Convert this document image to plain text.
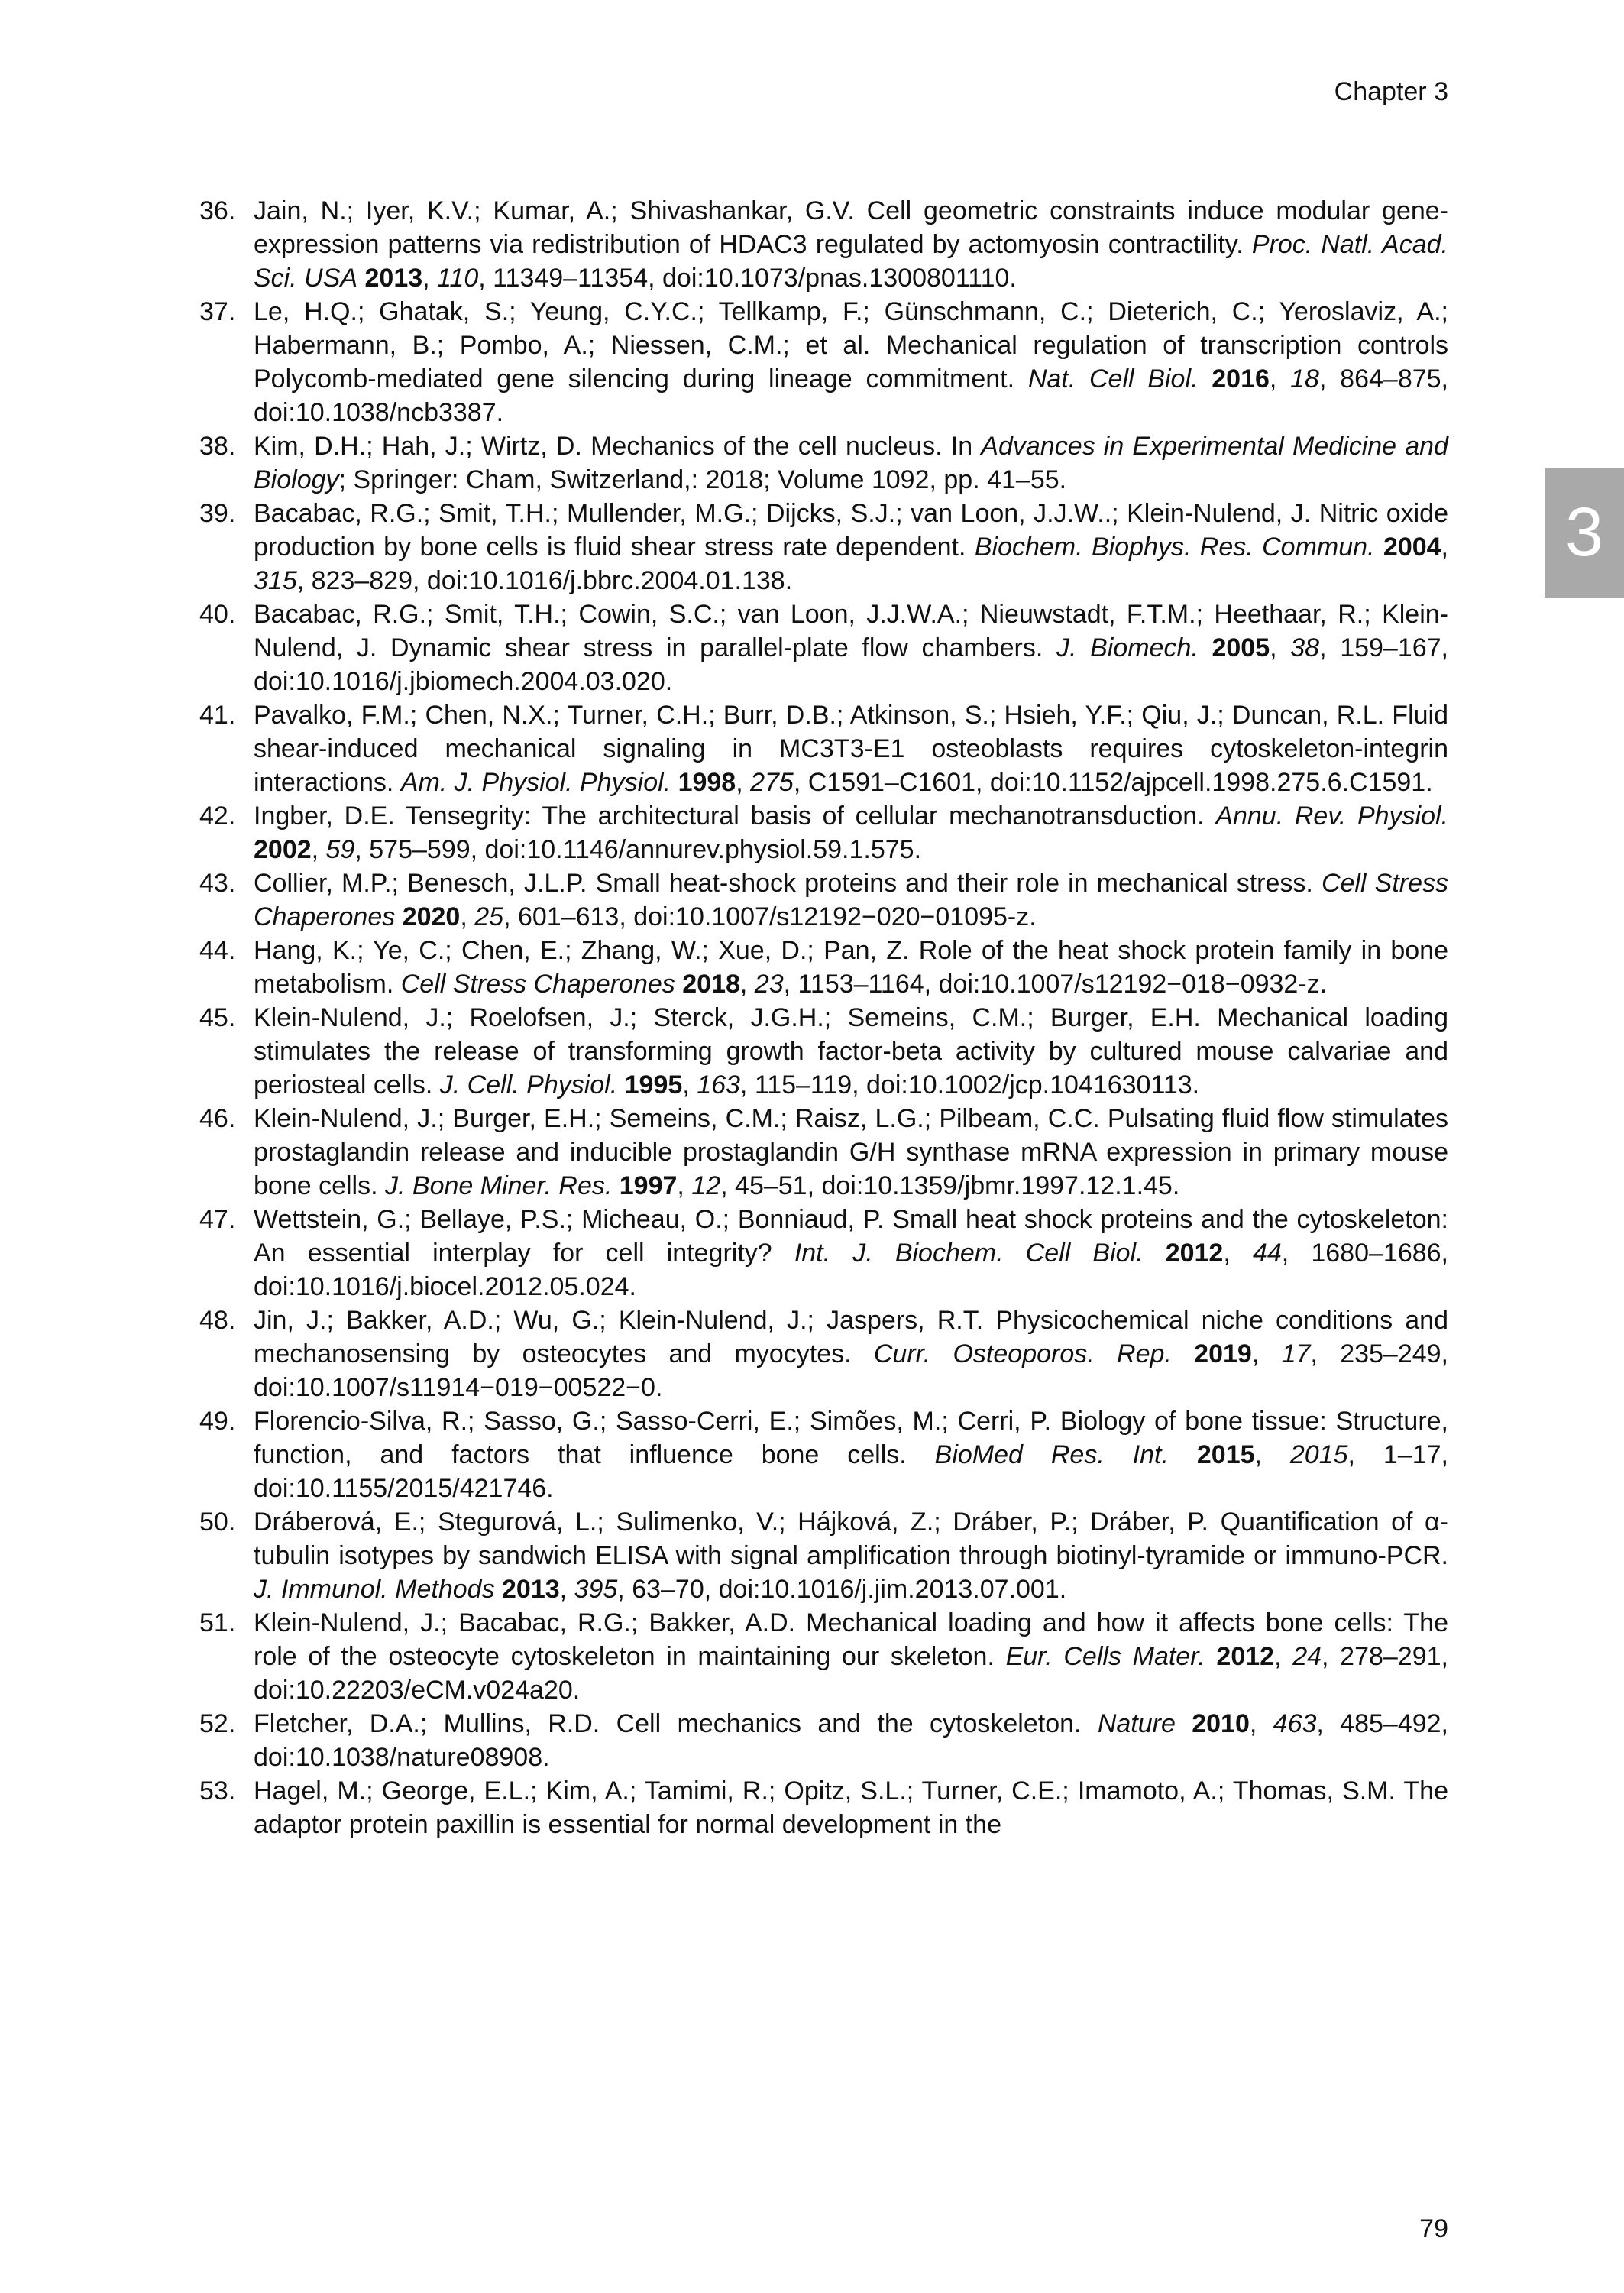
Chapter 3
3
36. Jain, N.; Iyer, K.V.; Kumar, A.; Shivashankar, G.V. Cell geometric constraints induce modular gene-expression patterns via redistribution of HDAC3 regulated by actomyosin contractility. Proc. Natl. Acad. Sci. USA 2013, 110, 11349–11354, doi:10.1073/pnas.1300801110.
37. Le, H.Q.; Ghatak, S.; Yeung, C.Y.C.; Tellkamp, F.; Günschmann, C.; Dieterich, C.; Yeroslaviz, A.; Habermann, B.; Pombo, A.; Niessen, C.M.; et al. Mechanical regulation of transcription controls Polycomb-mediated gene silencing during lineage commitment. Nat. Cell Biol. 2016, 18, 864–875, doi:10.1038/ncb3387.
38. Kim, D.H.; Hah, J.; Wirtz, D. Mechanics of the cell nucleus. In Advances in Experimental Medicine and Biology; Springer: Cham, Switzerland,: 2018; Volume 1092, pp. 41–55.
39. Bacabac, R.G.; Smit, T.H.; Mullender, M.G.; Dijcks, S.J.; van Loon, J.J.W..; Klein-Nulend, J. Nitric oxide production by bone cells is fluid shear stress rate dependent. Biochem. Biophys. Res. Commun. 2004, 315, 823–829, doi:10.1016/j.bbrc.2004.01.138.
40. Bacabac, R.G.; Smit, T.H.; Cowin, S.C.; van Loon, J.J.W.A.; Nieuwstadt, F.T.M.; Heethaar, R.; Klein-Nulend, J. Dynamic shear stress in parallel-plate flow chambers. J. Biomech. 2005, 38, 159–167, doi:10.1016/j.jbiomech.2004.03.020.
41. Pavalko, F.M.; Chen, N.X.; Turner, C.H.; Burr, D.B.; Atkinson, S.; Hsieh, Y.F.; Qiu, J.; Duncan, R.L. Fluid shear-induced mechanical signaling in MC3T3-E1 osteoblasts requires cytoskeleton-integrin interactions. Am. J. Physiol. Physiol. 1998, 275, C1591–C1601, doi:10.1152/ajpcell.1998.275.6.C1591.
42. Ingber, D.E. Tensegrity: The architectural basis of cellular mechanotransduction. Annu. Rev. Physiol. 2002, 59, 575–599, doi:10.1146/annurev.physiol.59.1.575.
43. Collier, M.P.; Benesch, J.L.P. Small heat-shock proteins and their role in mechanical stress. Cell Stress Chaperones 2020, 25, 601–613, doi:10.1007/s12192−020−01095-z.
44. Hang, K.; Ye, C.; Chen, E.; Zhang, W.; Xue, D.; Pan, Z. Role of the heat shock protein family in bone metabolism. Cell Stress Chaperones 2018, 23, 1153–1164, doi:10.1007/s12192−018−0932-z.
45. Klein-Nulend, J.; Roelofsen, J.; Sterck, J.G.H.; Semeins, C.M.; Burger, E.H. Mechanical loading stimulates the release of transforming growth factor-beta activity by cultured mouse calvariae and periosteal cells. J. Cell. Physiol. 1995, 163, 115–119, doi:10.1002/jcp.1041630113.
46. Klein-Nulend, J.; Burger, E.H.; Semeins, C.M.; Raisz, L.G.; Pilbeam, C.C. Pulsating fluid flow stimulates prostaglandin release and inducible prostaglandin G/H synthase mRNA expression in primary mouse bone cells. J. Bone Miner. Res. 1997, 12, 45–51, doi:10.1359/jbmr.1997.12.1.45.
47. Wettstein, G.; Bellaye, P.S.; Micheau, O.; Bonniaud, P. Small heat shock proteins and the cytoskeleton: An essential interplay for cell integrity? Int. J. Biochem. Cell Biol. 2012, 44, 1680–1686, doi:10.1016/j.biocel.2012.05.024.
48. Jin, J.; Bakker, A.D.; Wu, G.; Klein-Nulend, J.; Jaspers, R.T. Physicochemical niche conditions and mechanosensing by osteocytes and myocytes. Curr. Osteoporos. Rep. 2019, 17, 235–249, doi:10.1007/s11914−019−00522−0.
49. Florencio-Silva, R.; Sasso, G.; Sasso-Cerri, E.; Simões, M.; Cerri, P. Biology of bone tissue: Structure, function, and factors that influence bone cells. BioMed Res. Int. 2015, 2015, 1–17, doi:10.1155/2015/421746.
50. Dráberová, E.; Stegurová, L.; Sulimenko, V.; Hájková, Z.; Dráber, P.; Dráber, P. Quantification of α-tubulin isotypes by sandwich ELISA with signal amplification through biotinyl-tyramide or immuno-PCR. J. Immunol. Methods 2013, 395, 63–70, doi:10.1016/j.jim.2013.07.001.
51. Klein-Nulend, J.; Bacabac, R.G.; Bakker, A.D. Mechanical loading and how it affects bone cells: The role of the osteocyte cytoskeleton in maintaining our skeleton. Eur. Cells Mater. 2012, 24, 278–291, doi:10.22203/eCM.v024a20.
52. Fletcher, D.A.; Mullins, R.D. Cell mechanics and the cytoskeleton. Nature 2010, 463, 485–492, doi:10.1038/nature08908.
53. Hagel, M.; George, E.L.; Kim, A.; Tamimi, R.; Opitz, S.L.; Turner, C.E.; Imamoto, A.; Thomas, S.M. The adaptor protein paxillin is essential for normal development in the
79
